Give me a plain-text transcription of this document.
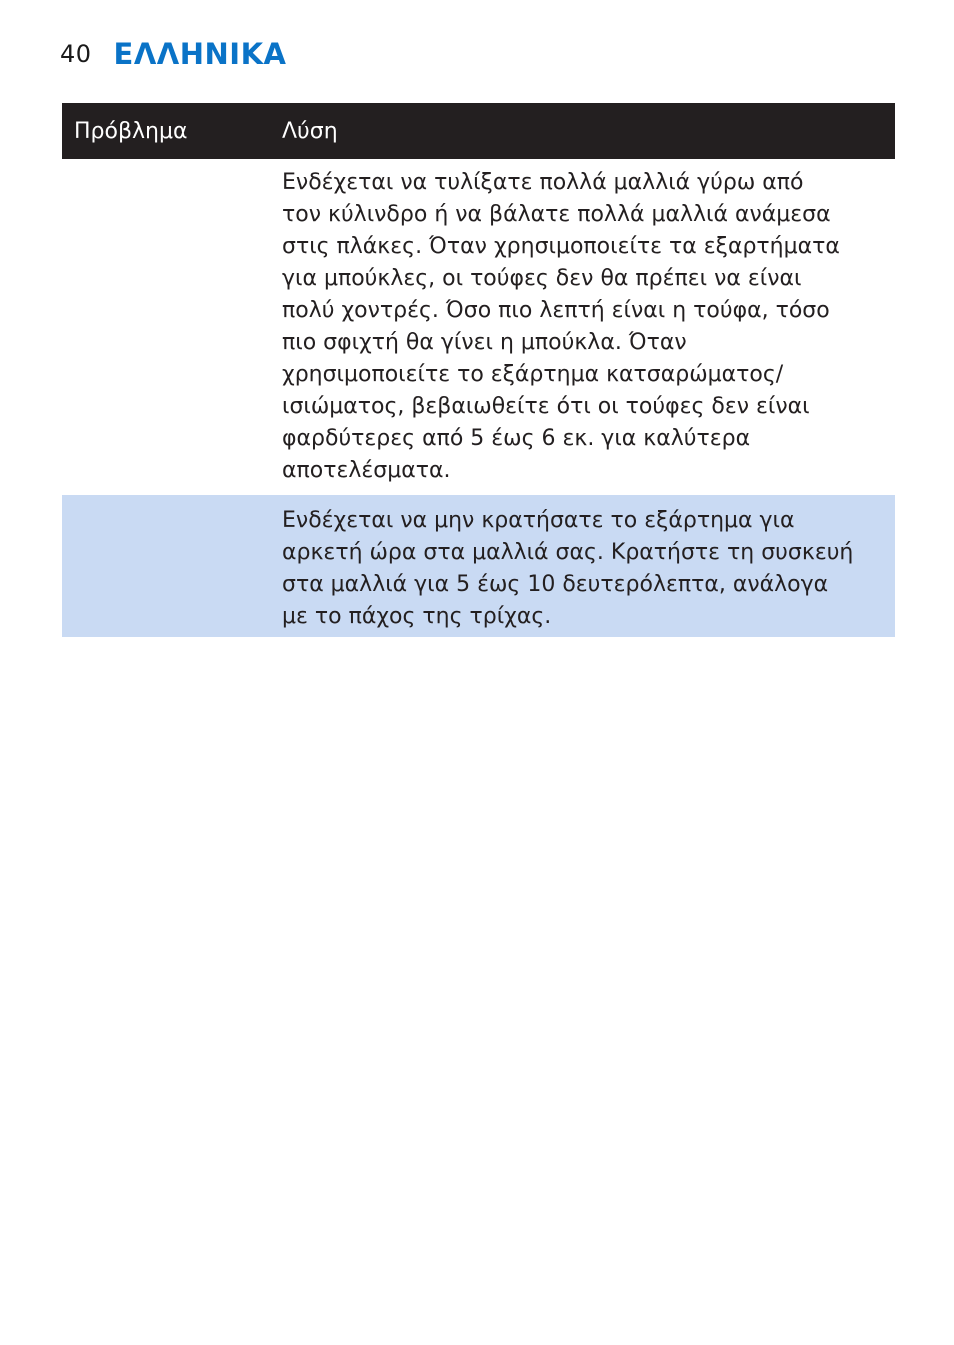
40 ΕΛΛΗΝΙΚΑ
Πρόβλημα	Λύση
Ενδέχεται να τυλίξατε πολλά μαλλιά γύρω από
τον κύλινδρο ή να βάλατε πολλά μαλλιά ανάμεσα
στις πλάκες. Όταν χρησιμοποιείτε τα εξαρτήματα
για μπούκλες, οι τούφες δεν θα πρέπει να είναι
πολύ χοντρές. Όσο πιο λεπτή είναι η τούφα, τόσο
πιο σφιχτή θα γίνει η μπούκλα. Όταν
χρησιμοποιείτε το εξάρτημα κατσαρώματος/
ισιώματος, βεβαιωθείτε ότι οι τούφες δεν είναι
φαρδύτερες από 5 έως 6 εκ. για καλύτερα
αποτελέσματα.
Ενδέχεται να μην κρατήσατε το εξάρτημα για
αρκετή ώρα στα μαλλιά σας. Κρατήστε τη συσκευή
στα μαλλιά για 5 έως 10 δευτερόλεπτα, ανάλογα
με το πάχος της τρίχας.
